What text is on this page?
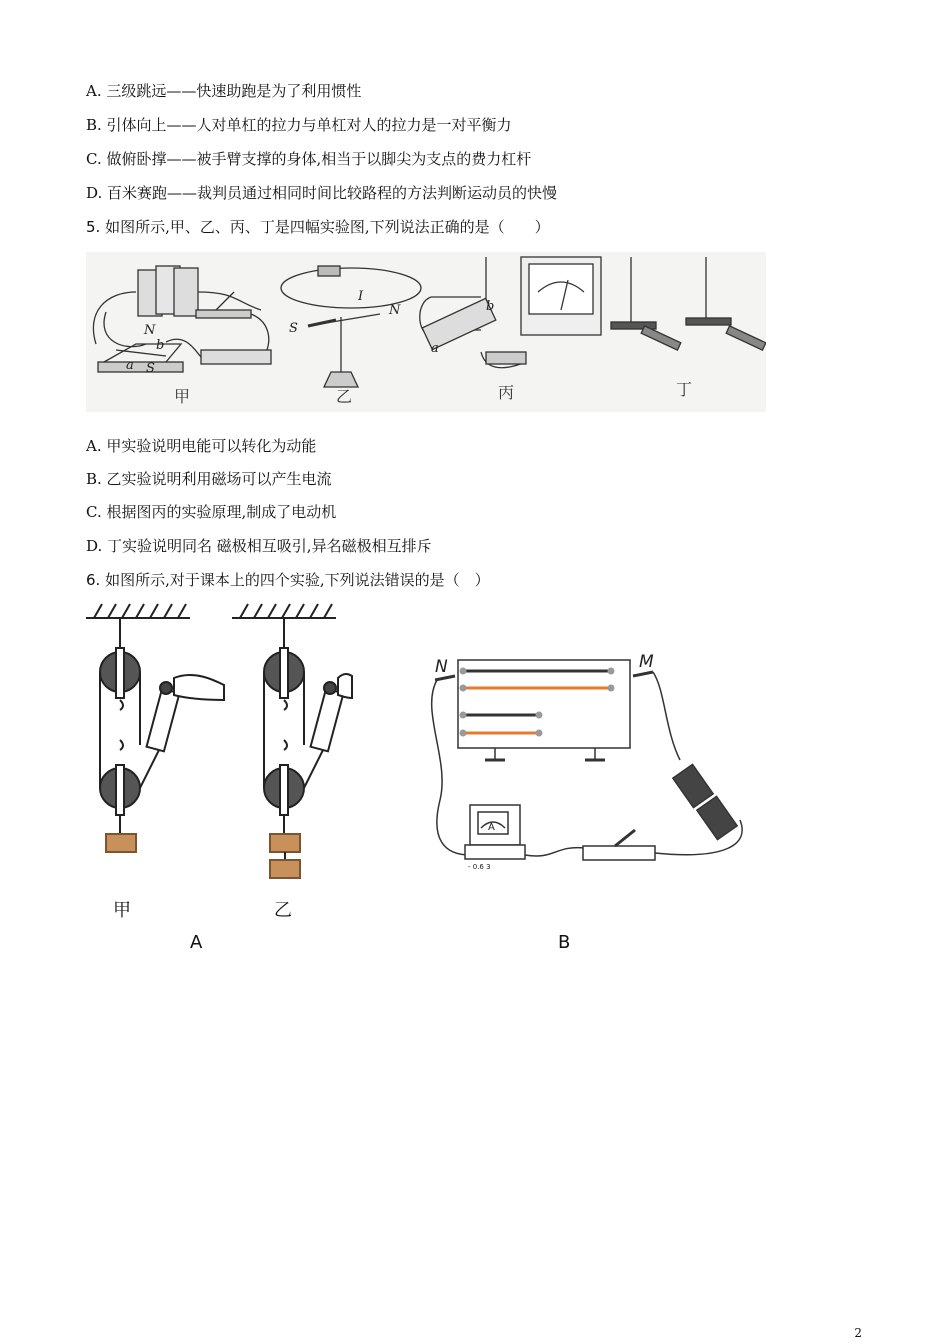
A. 三级跳远——快速助跑是为了利用惯性
B. 引体向上——人对单杠的拉力与单杠对人的拉力是一对平衡力
C. 做俯卧撑——被手臂支撑的身体,相当于以脚尖为支点的费力杠杆
D. 百米赛跑——裁判员通过相同时间比较路程的方法判断运动员的快慢
5. 如图所示,甲、乙、丙、丁是四幅实验图,下列说法正确的是（　　）
N
b
a S
I
N
S
b
a
甲	乙	丙	丁
A. 甲实验说明电能可以转化为动能
B. 乙实验说明利用磁场可以产生电流
C. 根据图丙的实验原理,制成了电动机
D. 丁实验说明同名 磁极相互吸引,异名磁极相互排斥
6. 如图所示,对于课本上的四个实验,下列说法错误的是（　）
甲	乙
A
N	M
A
- 0.6 3
B
2
